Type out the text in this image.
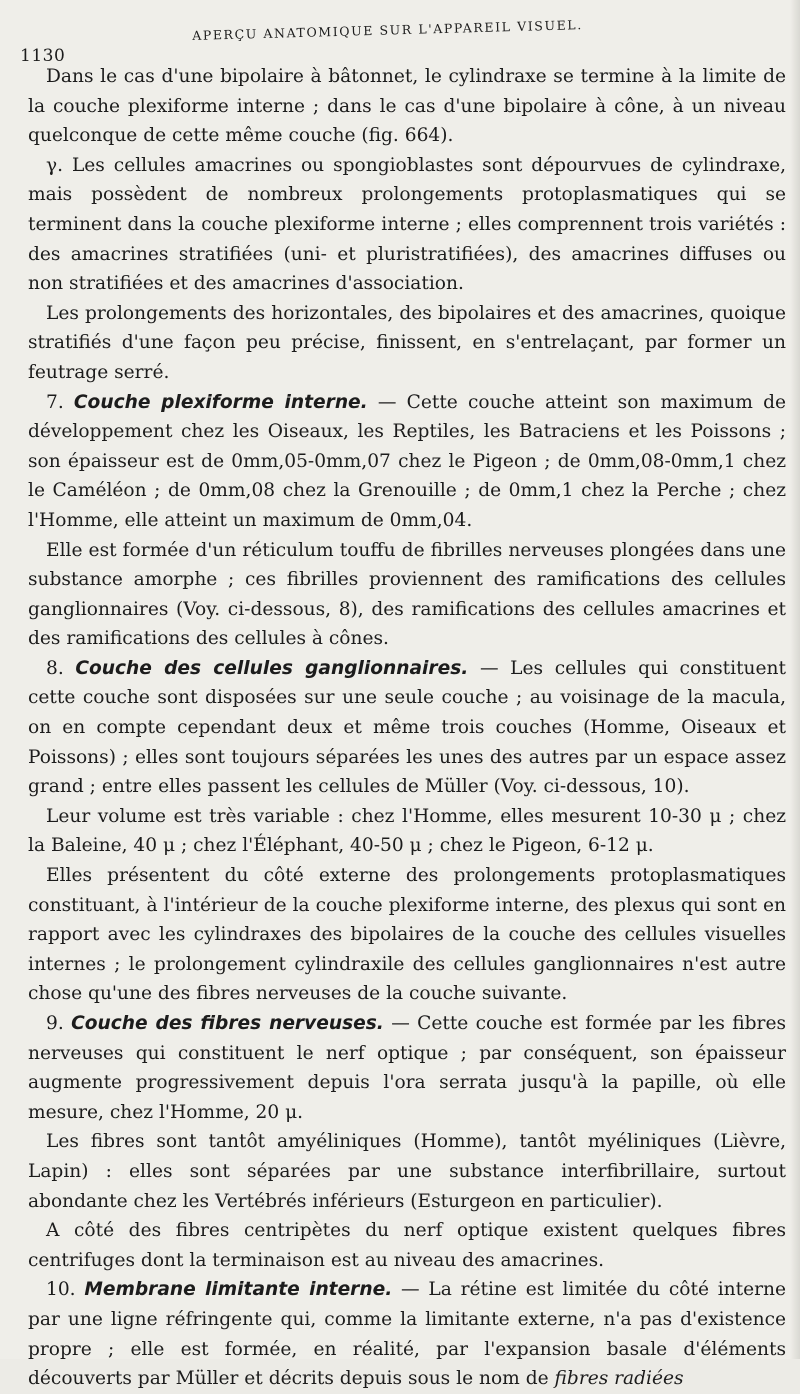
1130
APERÇU ANATOMIQUE SUR L'APPAREIL VISUEL.

Dans le cas d'une bipolaire à bâtonnet, le cylindraxe se termine à la limite de la couche plexiforme interne ; dans le cas d'une bipolaire à cône, à un niveau quelconque de cette même couche (fig. 664).

γ. Les cellules amacrines ou spongioblastes sont dépourvues de cylindraxe, mais possèdent de nombreux prolongements protoplasmatiques qui se terminent dans la couche plexiforme interne ; elles comprennent trois variétés : des amacrines stratifiées (uni- et pluristratifiées), des amacrines diffuses ou non stratifiées et des amacrines d'association.

Les prolongements des horizontales, des bipolaires et des amacrines, quoique stratifiés d'une façon peu précise, finissent, en s'entrelaçant, par former un feutrage serré.

7. Couche plexiforme interne. — Cette couche atteint son maximum de développement chez les Oiseaux, les Reptiles, les Batraciens et les Poissons ; son épaisseur est de 0mm,05-0mm,07 chez le Pigeon ; de 0mm,08-0mm,1 chez le Caméléon ; de 0mm,08 chez la Grenouille ; de 0mm,1 chez la Perche ; chez l'Homme, elle atteint un maximum de 0mm,04.

Elle est formée d'un réticulum touffu de fibrilles nerveuses plongées dans une substance amorphe ; ces fibrilles proviennent des ramifications des cellules ganglionnaires (Voy. ci-dessous, 8), des ramifications des cellules amacrines et des ramifications des cellules à cônes.

8. Couche des cellules ganglionnaires. — Les cellules qui constituent cette couche sont disposées sur une seule couche ; au voisinage de la macula, on en compte cependant deux et même trois couches (Homme, Oiseaux et Poissons) ; elles sont toujours séparées les unes des autres par un espace assez grand ; entre elles passent les cellules de Müller (Voy. ci-dessous, 10).

Leur volume est très variable : chez l'Homme, elles mesurent 10-30 μ ; chez la Baleine, 40 μ ; chez l'Éléphant, 40-50 μ ; chez le Pigeon, 6-12 μ.

Elles présentent du côté externe des prolongements protoplasmatiques constituant, à l'intérieur de la couche plexiforme interne, des plexus qui sont en rapport avec les cylindraxes des bipolaires de la couche des cellules visuelles internes ; le prolongement cylindraxile des cellules ganglionnaires n'est autre chose qu'une des fibres nerveuses de la couche suivante.

9. Couche des fibres nerveuses. — Cette couche est formée par les fibres nerveuses qui constituent le nerf optique ; par conséquent, son épaisseur augmente progressivement depuis l'ora serrata jusqu'à la papille, où elle mesure, chez l'Homme, 20 μ.

Les fibres sont tantôt amyéliniques (Homme), tantôt myéliniques (Lièvre, Lapin) : elles sont séparées par une substance interfibrillaire, surtout abondante chez les Vertébrés inférieurs (Esturgeon en particulier).

A côté des fibres centripètes du nerf optique existent quelques fibres centrifuges dont la terminaison est au niveau des amacrines.

10. Membrane limitante interne. — La rétine est limitée du côté interne par une ligne réfringente qui, comme la limitante externe, n'a pas d'existence propre ; elle est formée, en réalité, par l'expansion basale d'éléments découverts par Müller et décrits depuis sous le nom de fibres radiées
